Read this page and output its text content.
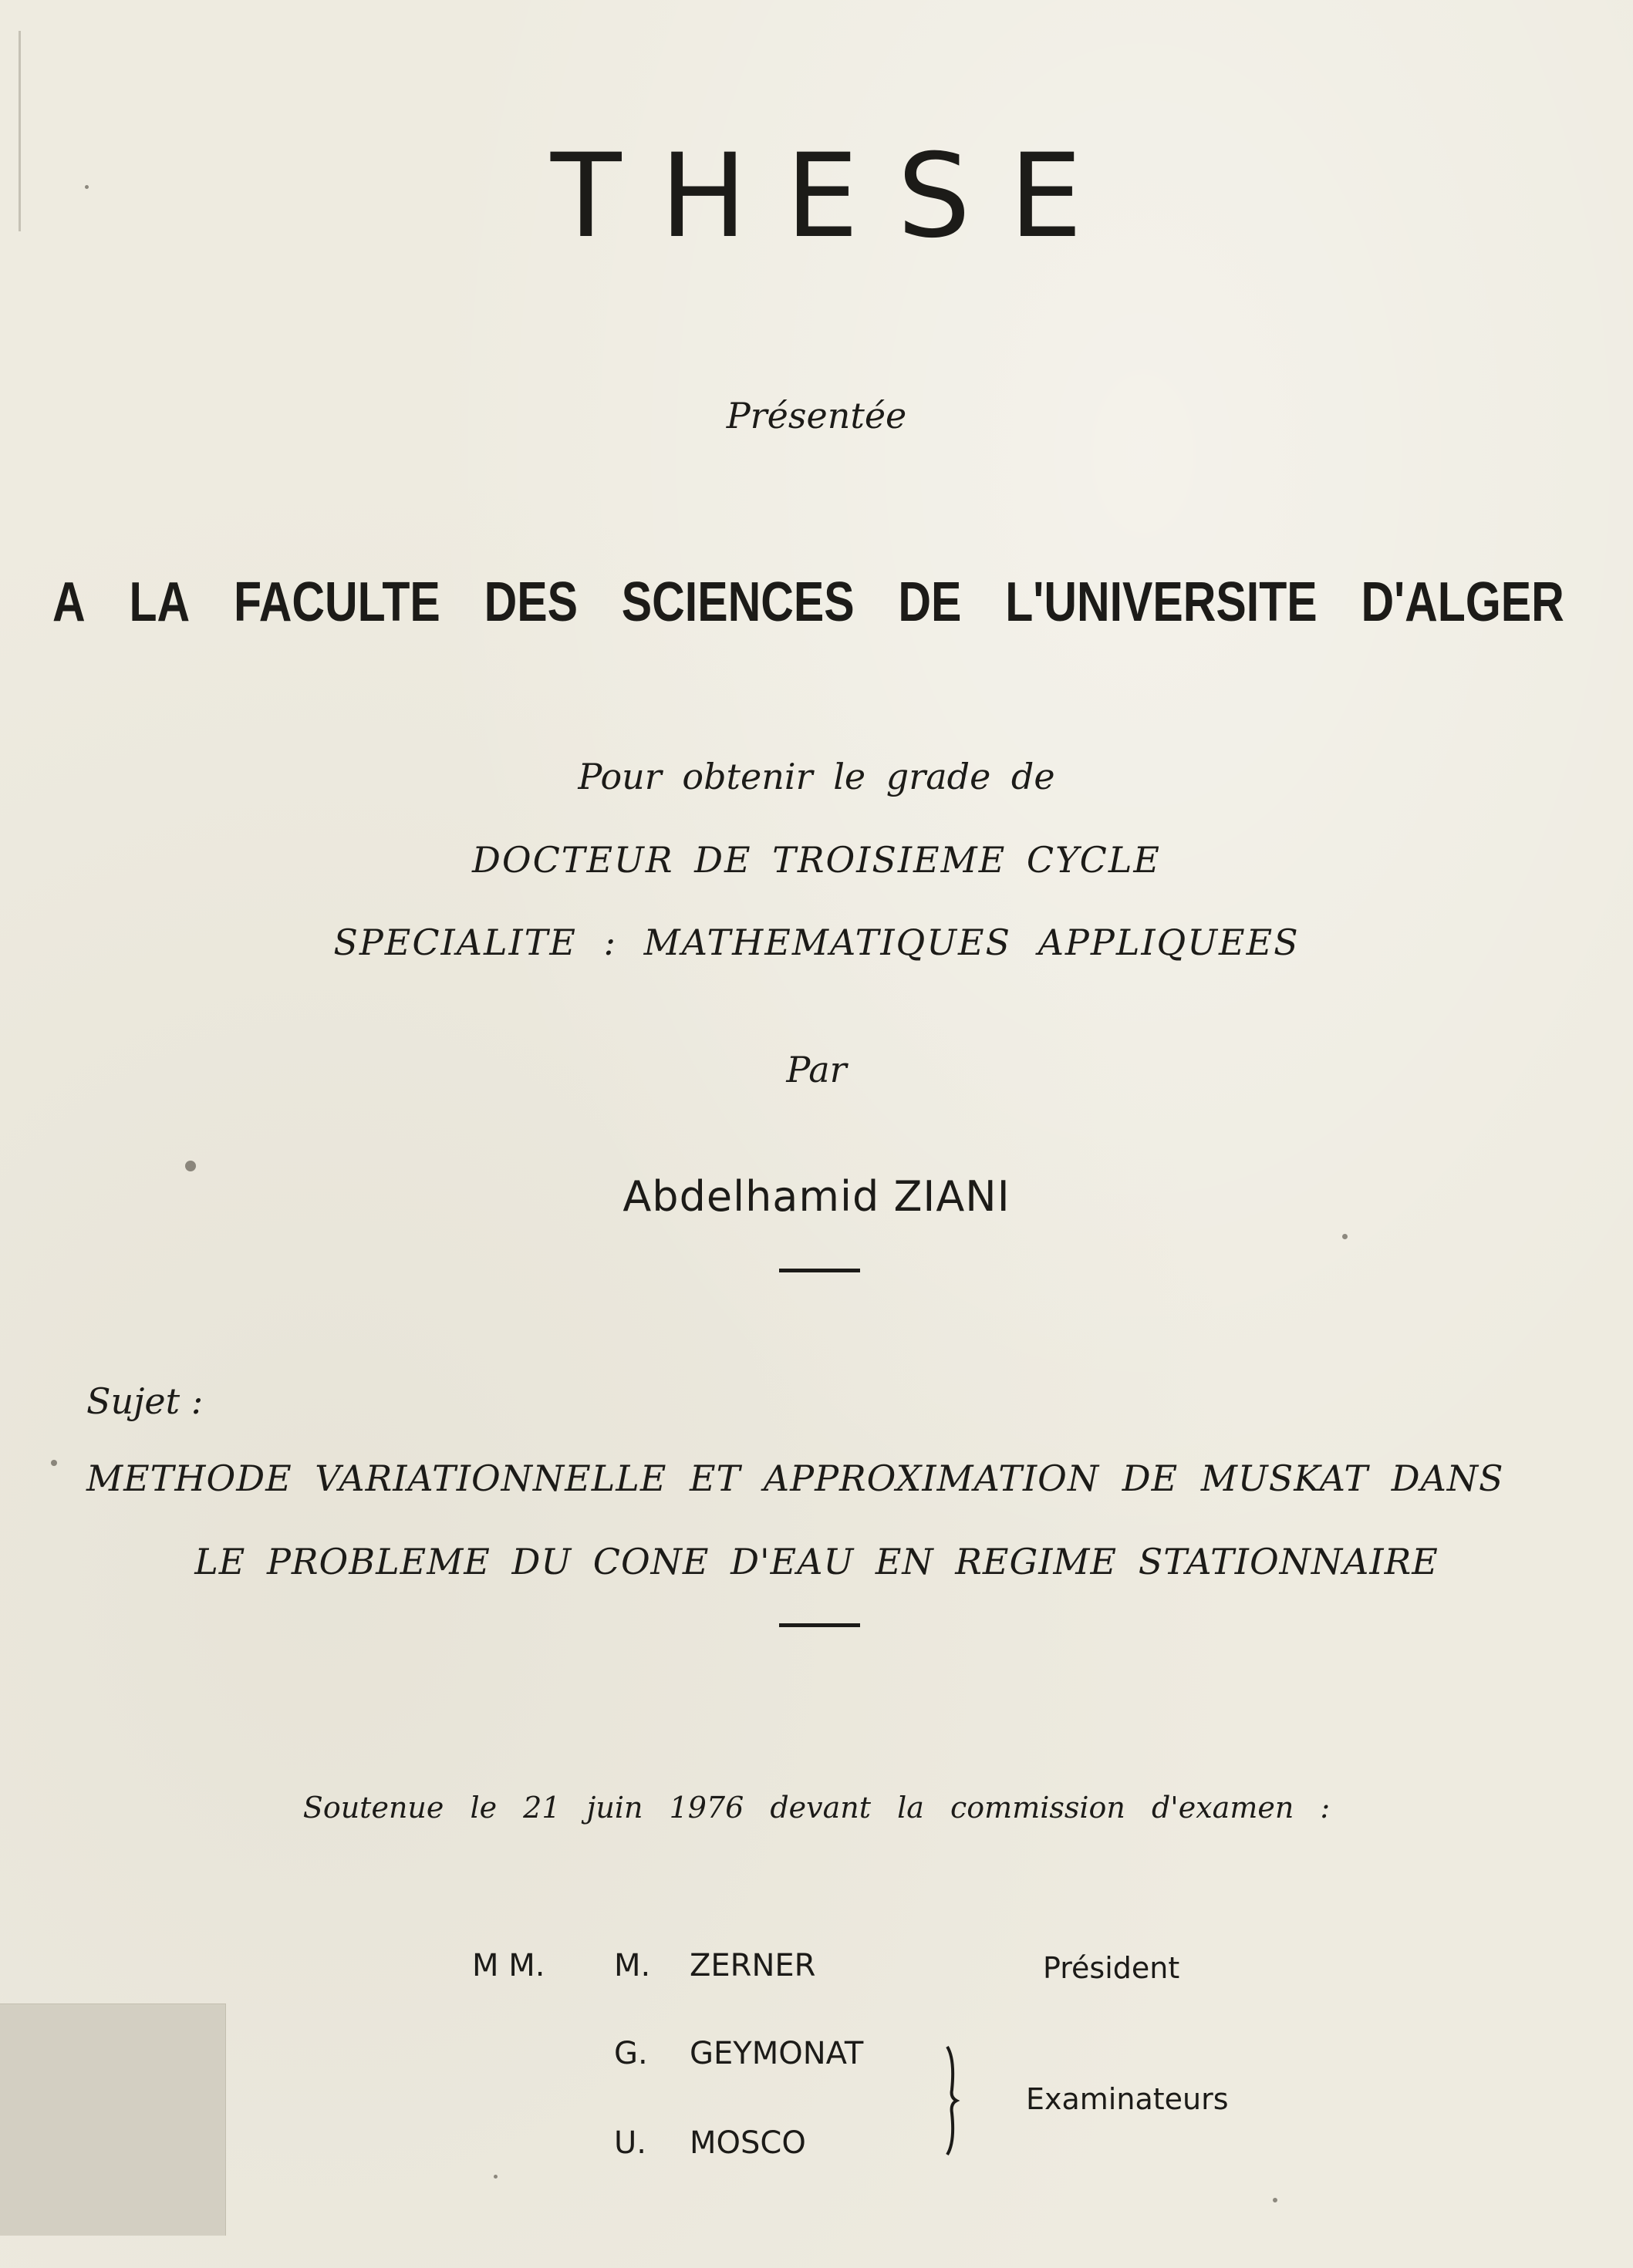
THESE
Présentée
A LA FACULTE DES SCIENCES DE L'UNIVERSITE D'ALGER
Pour obtenir le grade de
DOCTEUR DE TROISIEME CYCLE
SPECIALITE : MATHEMATIQUES APPLIQUEES
Par
Abdelhamid ZIANI
Sujet :
METHODE VARIATIONNELLE ET APPROXIMATION DE MUSKAT DANS
LE PROBLEME DU CONE D'EAU EN REGIME STATIONNAIRE
Soutenue le 21 juin 1976 devant la commission d'examen :
M M. M. ZERNER	Président
G. GEYMONAT
U. MOSCO
Examinateurs
